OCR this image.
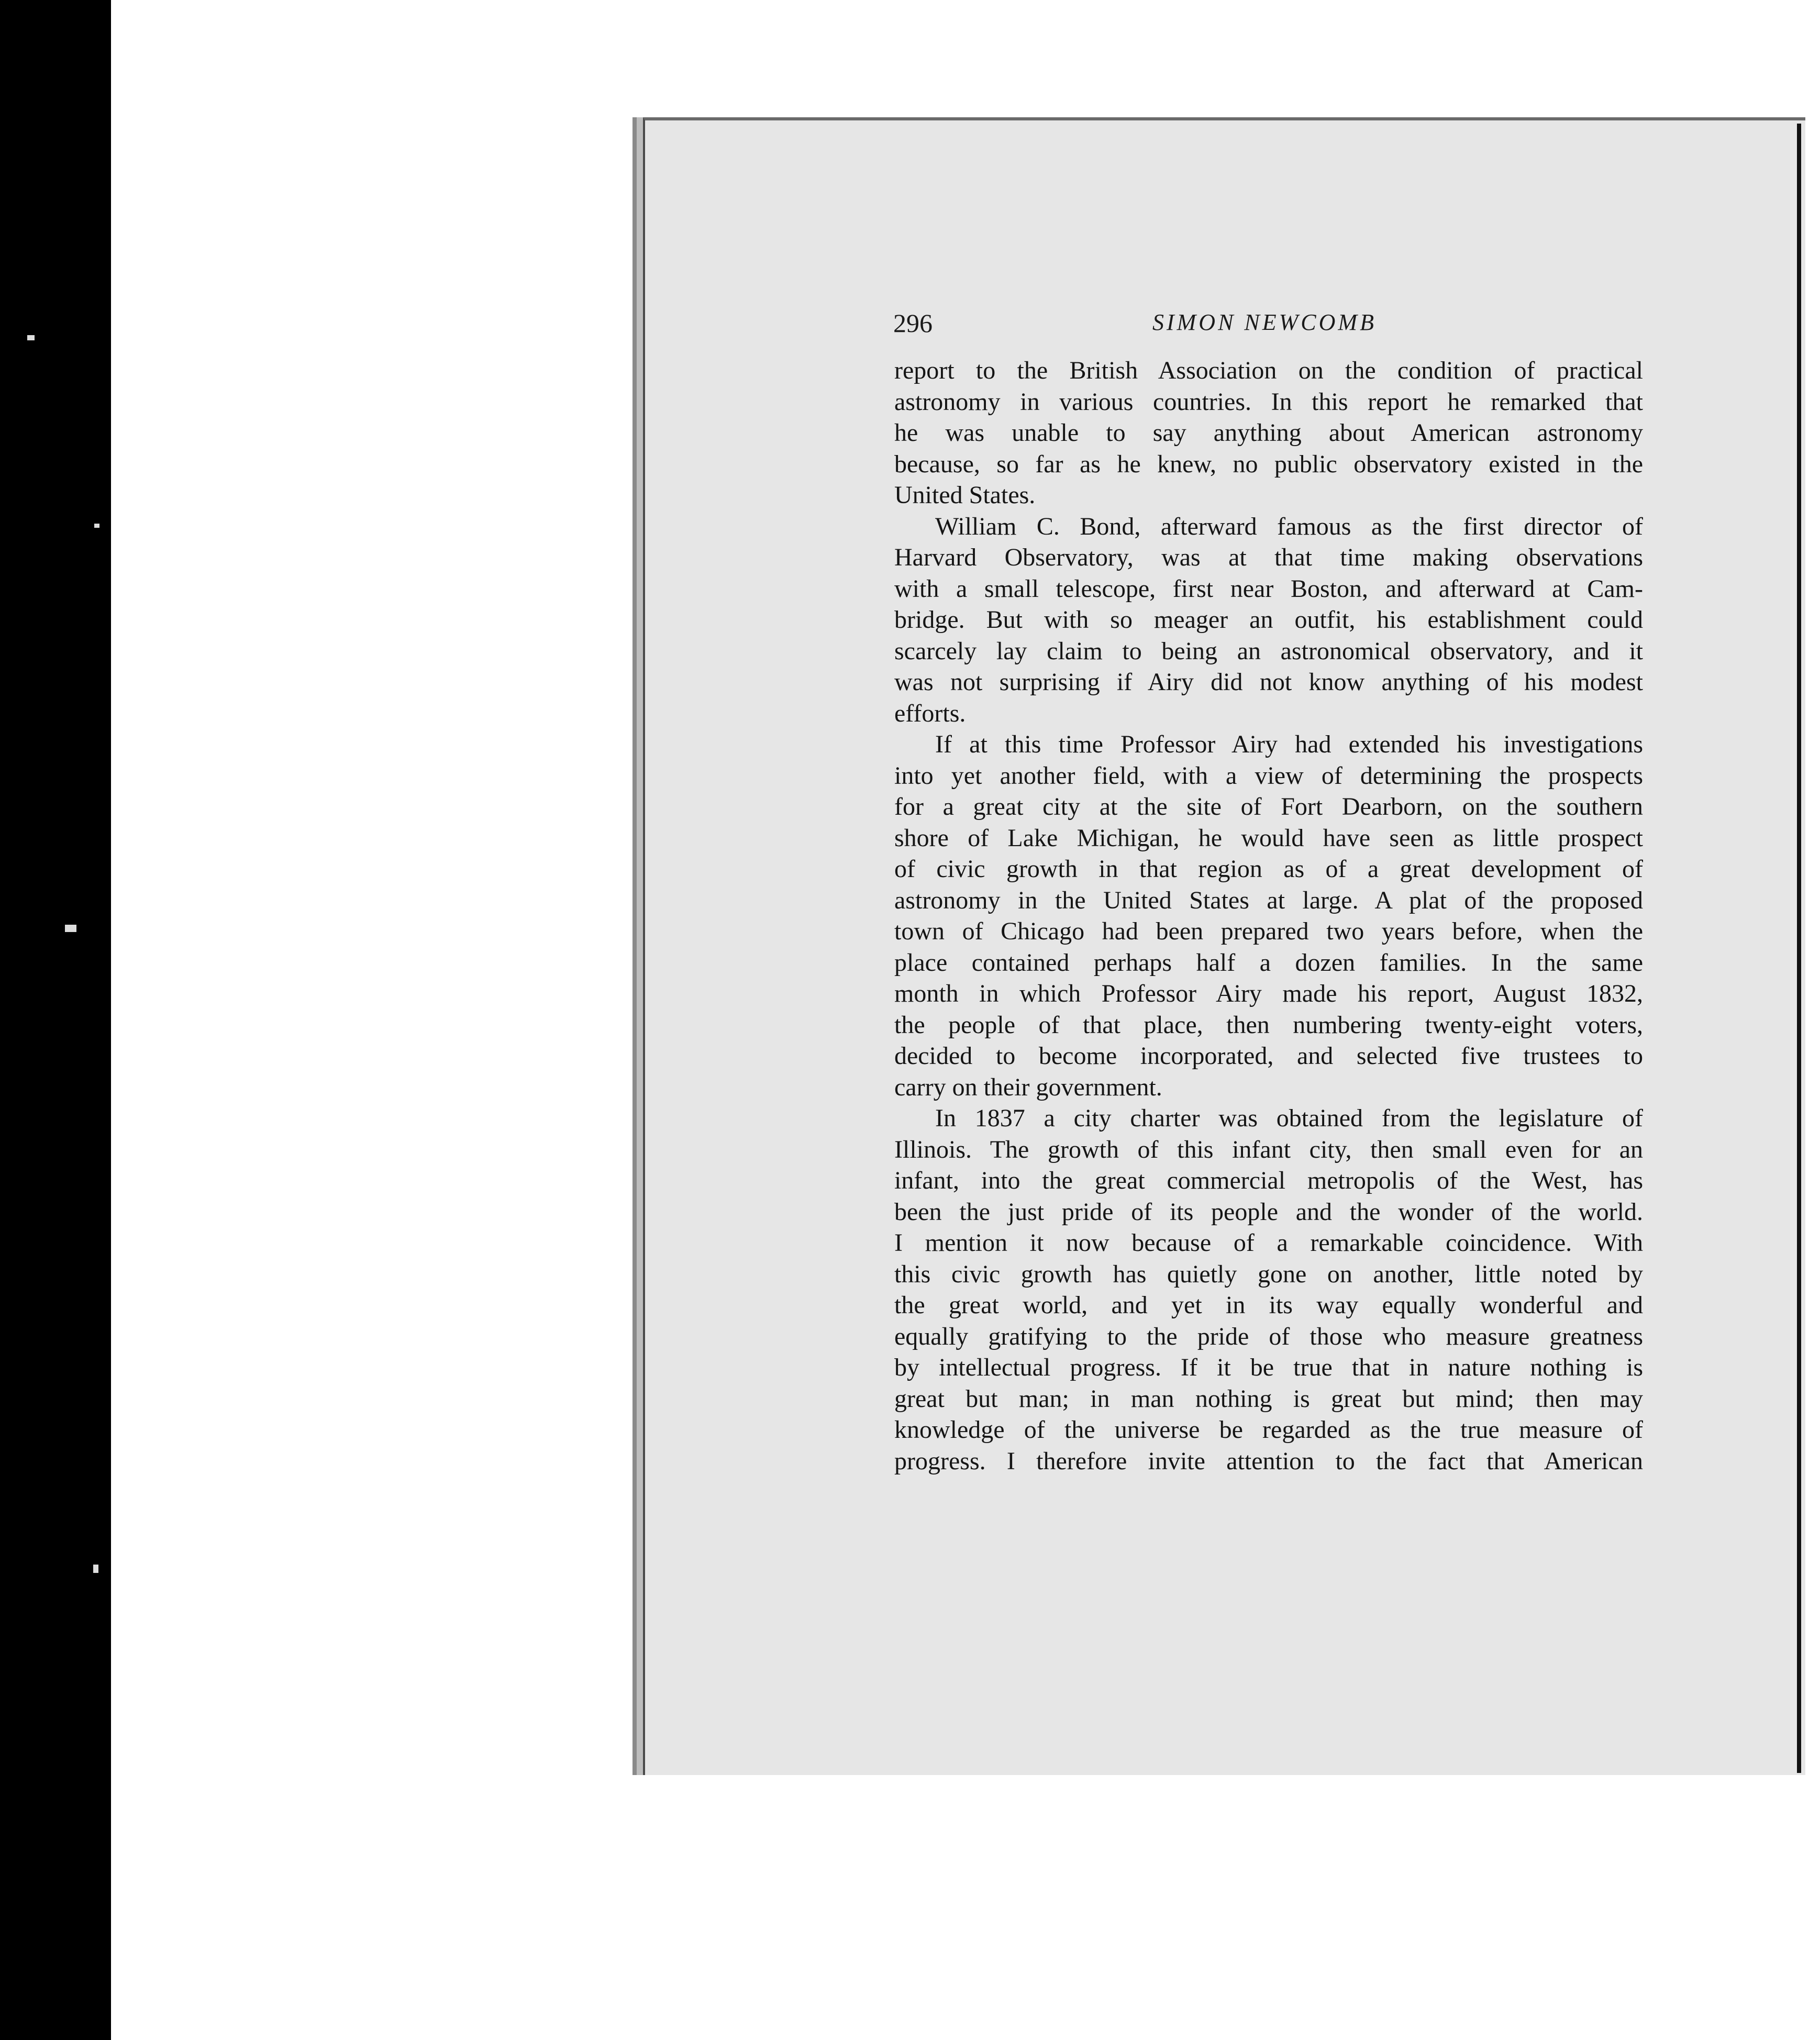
296	SIMON NEWCOMB
report to the British Association on the condition of practical
astronomy in various countries. In this report he remarked that
he was unable to say anything about American astronomy
because, so far as he knew, no public observatory existed in the
United States.
William C. Bond, afterward famous as the first director of
Harvard Observatory, was at that time making observations
with a small telescope, first near Boston, and afterward at Cam-
bridge. But with so meager an outfit, his establishment could
scarcely lay claim to being an astronomical observatory, and it
was not surprising if Airy did not know anything of his modest
efforts.
If at this time Professor Airy had extended his investigations
into yet another field, with a view of determining the prospects
for a great city at the site of Fort Dearborn, on the southern
shore of Lake Michigan, he would have seen as little prospect
of civic growth in that region as of a great development of
astronomy in the United States at large. A plat of the proposed
town of Chicago had been prepared two years before, when the
place contained perhaps half a dozen families. In the same
month in which Professor Airy made his report, August 1832,
the people of that place, then numbering twenty-eight voters,
decided to become incorporated, and selected five trustees to
carry on their government.
In 1837 a city charter was obtained from the legislature of
Illinois. The growth of this infant city, then small even for an
infant, into the great commercial metropolis of the West, has
been the just pride of its people and the wonder of the world.
I mention it now because of a remarkable coincidence. With
this civic growth has quietly gone on another, little noted by
the great world, and yet in its way equally wonderful and
equally gratifying to the pride of those who measure greatness
by intellectual progress. If it be true that in nature nothing is
great but man; in man nothing is great but mind; then may
knowledge of the universe be regarded as the true measure of
progress. I therefore invite attention to the fact that American
